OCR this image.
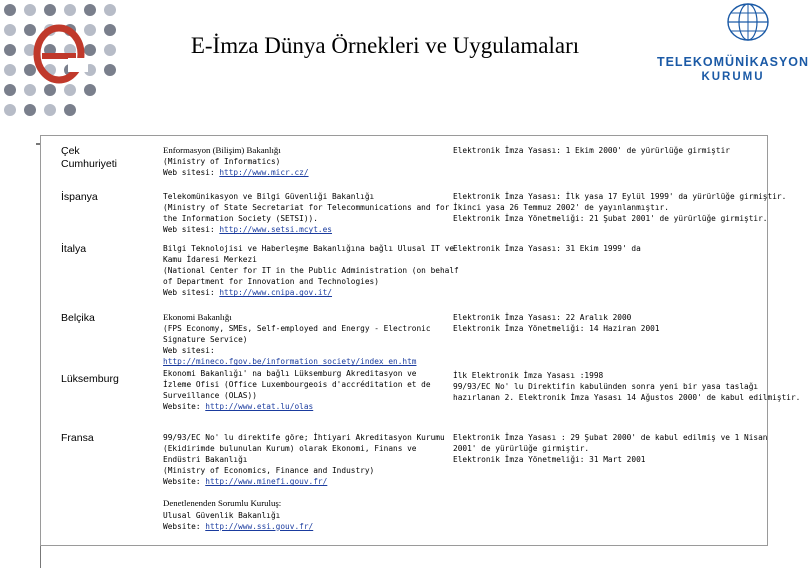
E-İmza Dünya Örnekleri ve Uygulamaları
TELEKOMÜNİKASYON
KURUMU
Çek
Cumhuriyeti
Enformasyon (Bilişim) Bakanlığı
(Ministry of Informatics)
Web sitesi: http://www.micr.cz/
Elektronik İmza Yasası: 1 Ekim 2000' de yürürlüğe girmiştir
İspanya	Telekomünikasyon ve Bilgi Güvenliği Bakanlığı
(Ministry of State Secretariat for Telecommunications and for
the Information Society (SETSI)).
Web sitesi: http://www.setsi.mcyt.es
Elektronik İmza Yasası: İlk yasa 17 Eylül 1999' da yürürlüğe girmiştir.
İkinci yasa 26 Temmuz 2002' de yayınlanmıştır.
Elektronik İmza Yönetmeliği: 21 Şubat 2001' de yürürlüğe girmiştir.
İtalya	Bilgi Teknolojisi ve Haberleşme Bakanlığına bağlı Ulusal IT ve
Kamu İdaresi Merkezi
(National Center for IT in the Public Administration (on behalf
of Department for Innovation and Technologies)
Web sitesi: http://www.cnipa.gov.it/
Elektronik İmza Yasası: 31 Ekim 1999' da
Belçika	Ekonomi Bakanlığı
(FPS Economy, SMEs, Self-employed and Energy - Electronic
Signature Service)
Web sitesi:
http://mineco.fgov.be/information_society/index_en.htm
Elektronik İmza Yasası: 22 Aralık 2000
Elektronik İmza Yönetmeliği: 14 Haziran 2001
Lüksemburg	Ekonomi Bakanlığı' na bağlı Lüksemburg Akreditasyon ve
İzleme Ofisi (Office Luxembourgeois d'accréditation et de
Surveillance (OLAS))
Website: http://www.etat.lu/olas
İlk Elektronik İmza Yasası :1998
99/93/EC No' lu Direktifin kabulünden sonra yeni bir yasa taslağı
hazırlanan 2. Elektronik İmza Yasası 14 Ağustos 2000' de kabul edilmiştir.
Fransa	99/93/EC No' lu direktife göre; İhtiyari Akreditasyon Kurumu
(Ekidirimde bulunulan Kurum) olarak Ekonomi, Finans ve
Endüstri Bakanlığı
(Ministry of Economics, Finance and Industry)
Website: http://www.minefi.gouv.fr/
Denetlenenden Sorumlu Kuruluş:
Ulusal Güvenlik Bakanlığı
Website: http://www.ssi.gouv.fr/
Elektronik İmza Yasası : 29 Şubat 2000' de kabul edilmiş ve 1 Nisan
2001' de yürürlüğe girmiştir.
Elektronik İmza Yönetmeliği: 31 Mart 2001
